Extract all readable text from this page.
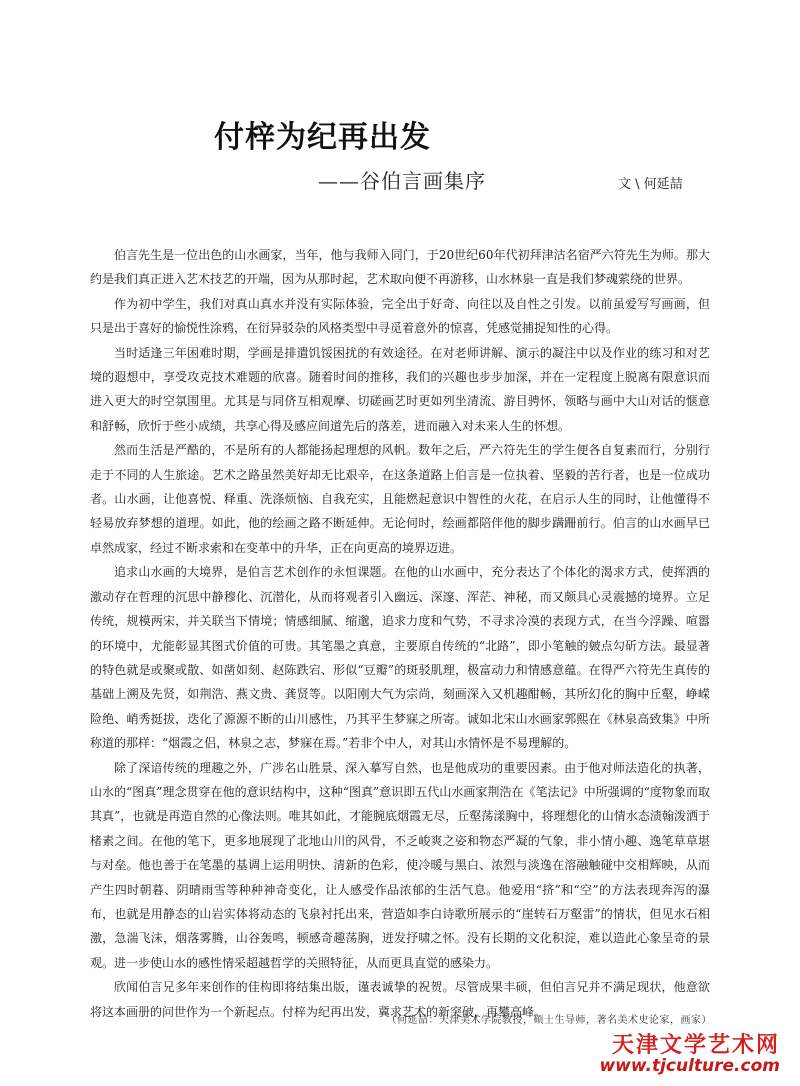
付梓为纪再出发
——谷伯言画集序	文 \ 何延喆

伯言先生是一位出色的山水画家，当年，他与我师入同门，于20世纪60年代初拜津沽名宿严六符先生为师。那大约是我们真正进入艺术技艺的开端，因为从那时起，艺术取向便不再游移，山水林泉一直是我们梦魂萦绕的世界。

作为初中学生，我们对真山真水并没有实际体验，完全出于好奇、向往以及自性之引发。以前虽爱写写画画，但只是出于喜好的愉悦性涂鸦，在衍异驳杂的风格类型中寻觅着意外的惊喜，凭感觉捕捉知性的心得。

当时适逢三年困难时期，学画是排遣饥馁困扰的有效途径。在对老师讲解、演示的凝注中以及作业的练习和对艺境的遐想中，享受攻克技术难题的欣喜。随着时间的推移，我们的兴趣也步步加深，并在一定程度上脱离有限意识而进入更大的时空氛围里。尤其是与同侪互相观摩、切磋画艺时更如列坐清流、游目骋怀，领略与画中大山对话的惬意和舒畅，欣忻于些小成绩，共享心得及感应间道先后的落差，进而融入对未来人生的怀想。

然而生活是严酷的，不是所有的人都能扬起理想的风帆。数年之后，严六符先生的学生便各自复素而行，分别行走于不同的人生旅途。艺术之路虽然美好却无比艰辛，在这条道路上伯言是一位执着、坚毅的苦行者，也是一位成功者。山水画，让他喜悦、释重、洗涤烦恼、自我充实，且能燃起意识中智性的火花，在启示人生的同时，让他懂得不轻易放弃梦想的道理。如此，他的绘画之路不断延伸。无论何时，绘画都陪伴他的脚步蹒跚前行。伯言的山水画早已卓然成家，经过不断求索和在变革中的升华，正在向更高的境界迈进。

追求山水画的大境界，是伯言艺术创作的永恒课题。在他的山水画中，充分表达了个体化的渴求方式，使挥洒的激动存在哲理的沉思中静穆化、沉潜化，从而将观者引入幽远、深邃、浑茫、神秘，而又颇具心灵震撼的境界。立足传统，规模两宋，并关联当下情境；情感细腻、缩邈，追求力度和气势，不寻求冷漠的表现方式，在当今浮躁、喧嚣的环境中，尤能彰显其图式价值的可贵。其笔墨之真意，主要原自传统的“北路”，即小笔触的皴点勾斫方法。最显著的特色就是或聚或散、如凿如刻、赵陈跌宕、形似“豆瓣”的斑驳肌理，极富动力和情感意蕴。在得严六符先生真传的基础上溯及先贤，如荆浩、燕文贵、龚贤等。以阳刚大气为宗尚，刻画深入又机趣酣畅，其所幻化的胸中丘壑，峥嵘险绝、峭秀挺拔，迭化了源源不断的山川感性，乃其平生梦寐之所寄。诚如北宋山水画家郭熙在《林泉高致集》中所称道的那样：“烟霞之侣，林泉之志，梦寐在焉。”若非个中人，对其山水情怀是不易理解的。

除了深谙传统的理趣之外，广涉名山胜景、深入摹写自然，也是他成功的重要因素。由于他对师法造化的执著，山水的“图真”理念贯穿在他的意识结构中，这种“图真”意识即五代山水画家荆浩在《笔法记》中所强调的“度物象而取其真”，也就是再造自然的心像法则。唯其如此，才能腕底烟霞无尽，丘壑荡漾胸中，将理想化的山情水态渍翰泼洒于楮素之间。在他的笔下，更多地展现了北地山川的风骨，不乏峻爽之姿和物态严凝的气象，非小情小趣、逸笔草草堪与对垒。他也善于在笔墨的基调上运用明快、清新的色彩，使冷暖与黑白、浓烈与淡逸在溶融触碰中交相辉映，从而产生四时朝暮、阴晴雨雪等种种神奇变化，让人感受作品浓郁的生活气息。他爱用“挤”和“空”的方法表现奔泻的瀑布，也就是用静态的山岩实体将动态的飞泉衬托出来，营造如李白诗歌所展示的“崖转石万壑雷”的情状，但见水石相激，急湍飞沫，烟落雾腾，山谷轰鸣，顿感奇趣荡胸，迸发抒啸之怀。没有长期的文化积淀，难以造此心象呈奇的景观。进一步使山水的感性情采超越哲学的关照特征，从而更具直觉的感染力。

欣闻伯言兄多年来创作的佳构即将结集出版，谨表诚挚的祝贺。尽管成果丰硕，但伯言兄并不满足现状，他意欲将这本画册的问世作为一个新起点。付梓为纪再出发，冀求艺术的新突破，再攀高峰。

（何延喆：天津美术学院教授，硕士生导师，著名美术史论家，画家）
天津文学艺术网
www.tjculture.com
